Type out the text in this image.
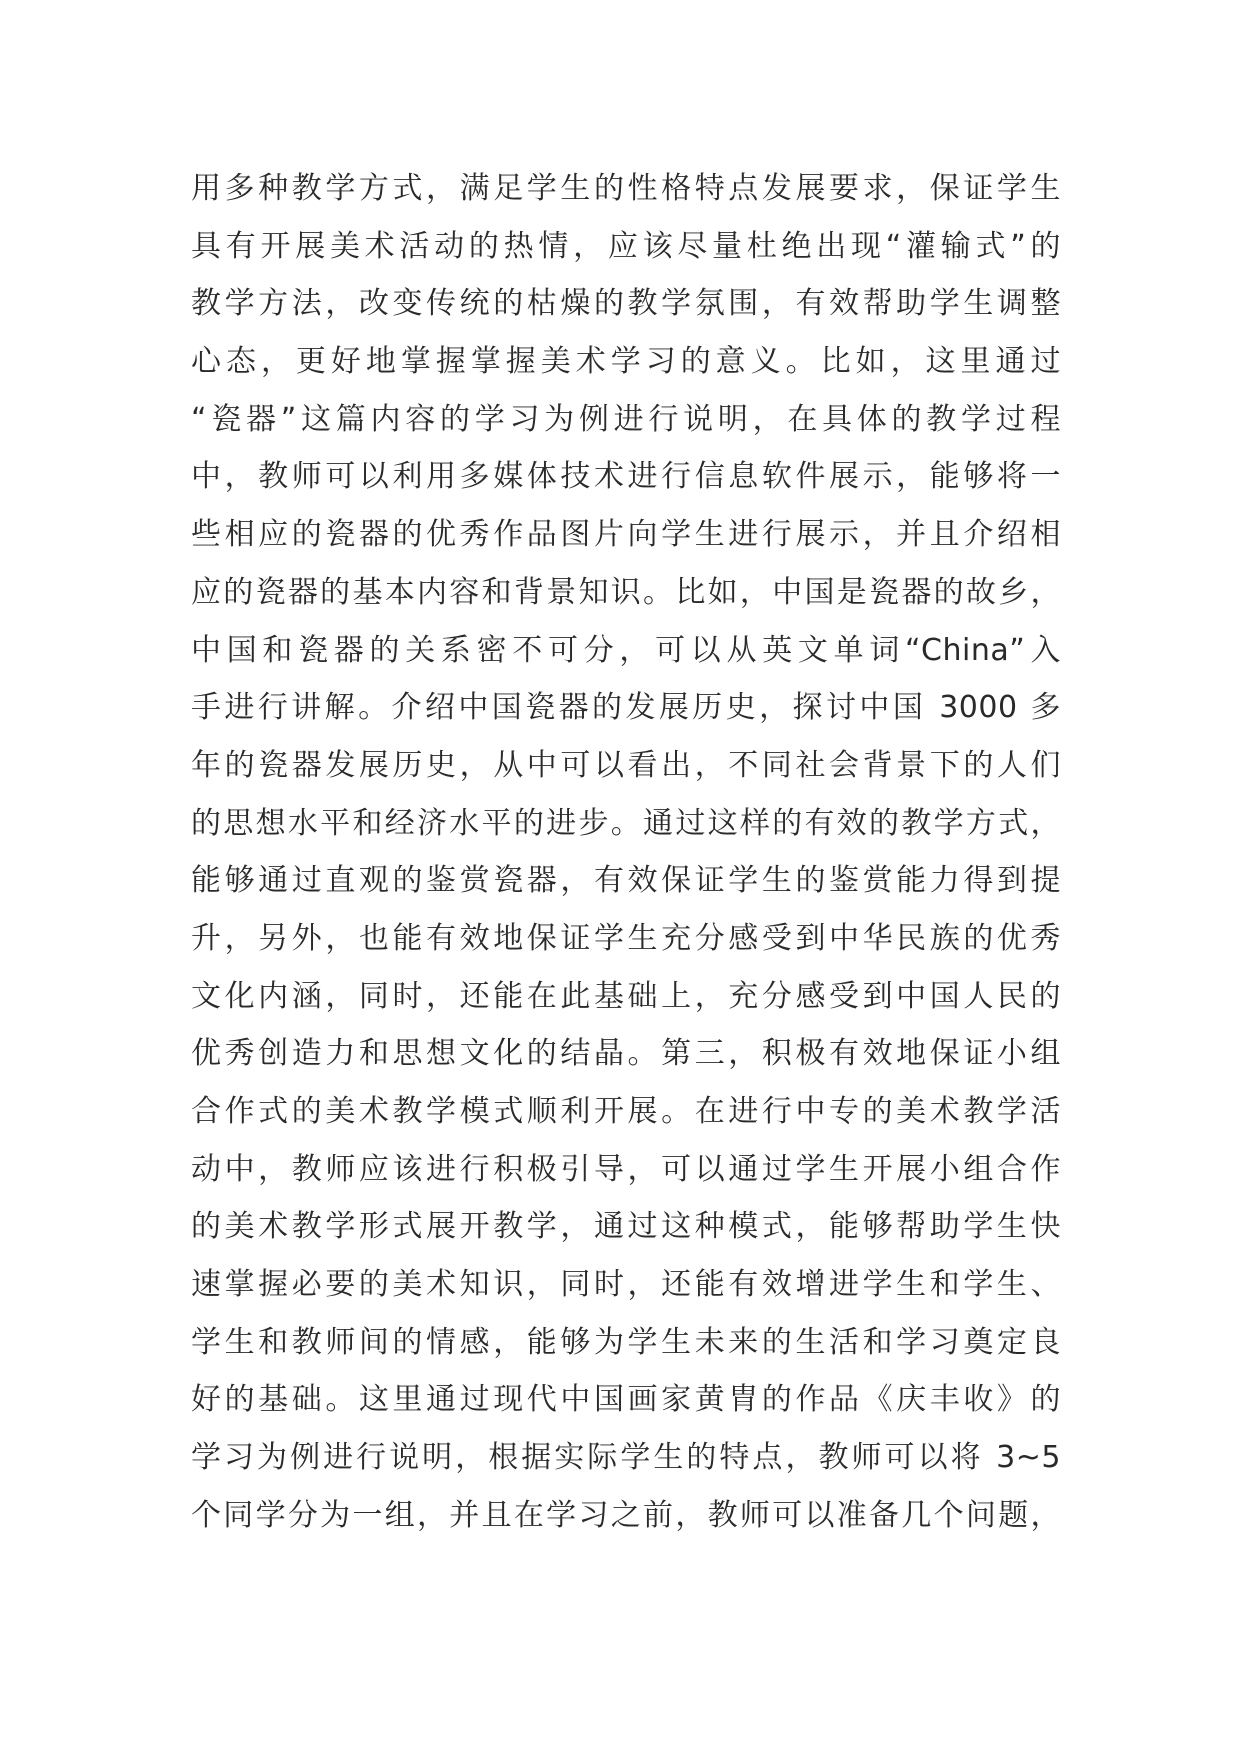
用多种教学方式，满足学生的性格特点发展要求，保证学生
具有开展美术活动的热情，应该尽量杜绝出现“灌输式”的
教学方法，改变传统的枯燥的教学氛围，有效帮助学生调整
心态，更好地掌握掌握美术学习的意义。比如，这里通过
“瓷器”这篇内容的学习为例进行说明，在具体的教学过程
中，教师可以利用多媒体技术进行信息软件展示，能够将一
些相应的瓷器的优秀作品图片向学生进行展示，并且介绍相
应的瓷器的基本内容和背景知识。比如，中国是瓷器的故乡，
中国和瓷器的关系密不可分，可以从英文单词“China”入
手进行讲解。介绍中国瓷器的发展历史，探讨中国 3000 多
年的瓷器发展历史，从中可以看出，不同社会背景下的人们
的思想水平和经济水平的进步。通过这样的有效的教学方式，
能够通过直观的鉴赏瓷器，有效保证学生的鉴赏能力得到提
升，另外，也能有效地保证学生充分感受到中华民族的优秀
文化内涵，同时，还能在此基础上，充分感受到中国人民的
优秀创造力和思想文化的结晶。第三，积极有效地保证小组
合作式的美术教学模式顺利开展。在进行中专的美术教学活
动中，教师应该进行积极引导，可以通过学生开展小组合作
的美术教学形式展开教学，通过这种模式，能够帮助学生快
速掌握必要的美术知识，同时，还能有效增进学生和学生、
学生和教师间的情感，能够为学生未来的生活和学习奠定良
好的基础。这里通过现代中国画家黄胄的作品《庆丰收》的
学习为例进行说明，根据实际学生的特点，教师可以将 3~5
个同学分为一组，并且在学习之前，教师可以准备几个问题，
